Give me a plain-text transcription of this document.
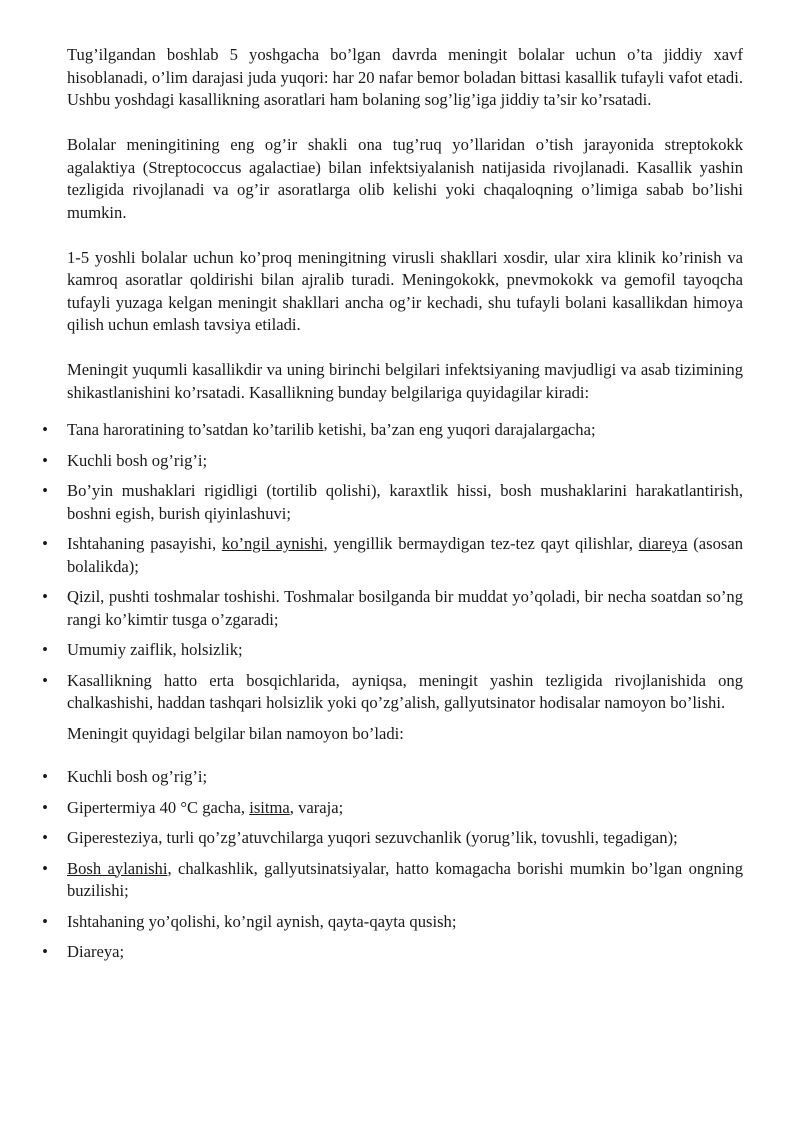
Tug’ilgandan boshlab 5 yoshgacha bo’lgan davrda meningit bolalar uchun o’ta jiddiy xavf hisoblanadi, o’lim darajasi juda yuqori: har 20 nafar bemor boladan bittasi kasallik tufayli vafot etadi. Ushbu yoshdagi kasallikning asoratlari ham bolaning sog’lig’iga jiddiy ta’sir ko’rsatadi.

Bolalar meningitining eng og’ir shakli ona tug’ruq yo’llaridan o’tish jarayonida streptokokk agalaktiya (Streptococcus agalactiae) bilan infektsiyalanish natijasida rivojlanadi. Kasallik yashin tezligida rivojlanadi va og’ir asoratlarga olib kelishi yoki chaqaloqning o’limiga sabab bo’lishi mumkin.

1-5 yoshli bolalar uchun ko’proq meningitning virusli shakllari xosdir, ular xira klinik ko’rinish va kamroq asoratlar qoldirishi bilan ajralib turadi. Meningokokk, pnevmokokk va gemofil tayoqcha tufayli yuzaga kelgan meningit shakllari ancha og’ir kechadi, shu tufayli bolani kasallikdan himoya qilish uchun emlash tavsiya etiladi.

Meningit yuqumli kasallikdir va uning birinchi belgilari infektsiyaning mavjudligi va asab tizimining shikastlanishini ko’rsatadi. Kasallikning bunday belgilariga quyidagilar kiradi:

• Tana haroratining to’satdan ko’tarilib ketishi, ba’zan eng yuqori darajalargacha;
• Kuchli bosh og’rig’i;
• Bo’yin mushaklari rigidligi (tortilib qolishi), karaxtlik hissi, bosh mushaklarini harakatlantirish, boshni egish, burish qiyinlashuvi;
• Ishtahaning pasayishi, ko’ngil aynishi, yengillik bermaydigan tez-tez qayt qilishlar, diareya (asosan bolalikda);
• Qizil, pushti toshmalar toshishi. Toshmalar bosilganda bir muddat yo’qoladi, bir necha soatdan so’ng rangi ko’kimtir tusga o’zgaradi;
• Umumiy zaiflik, holsizlik;
• Kasallikning hatto erta bosqichlarida, ayniqsa, meningit yashin tezligida rivojlanishida ong chalkashishi, haddan tashqari holsizlik yoki qo’zg’alish, gallyutsinator hodisalar namoyon bo’lishi.

Meningit quyidagi belgilar bilan namoyon bo’ladi:

• Kuchli bosh og’rig’i;
• Gipertermiya 40 °C gacha, isitma, varaja;
• Giperesteziya, turli qo’zg’atuvchilarga yuqori sezuvchanlik (yorug’lik, tovushli, tegadigan);
• Bosh aylanishi, chalkashlik, gallyutsinatsiyalar, hatto komagacha borishi mumkin bo’lgan ongning buzilishi;
• Ishtahaning yo’qolishi, ko’ngil aynish, qayta-qayta qusish;
• Diareya;
